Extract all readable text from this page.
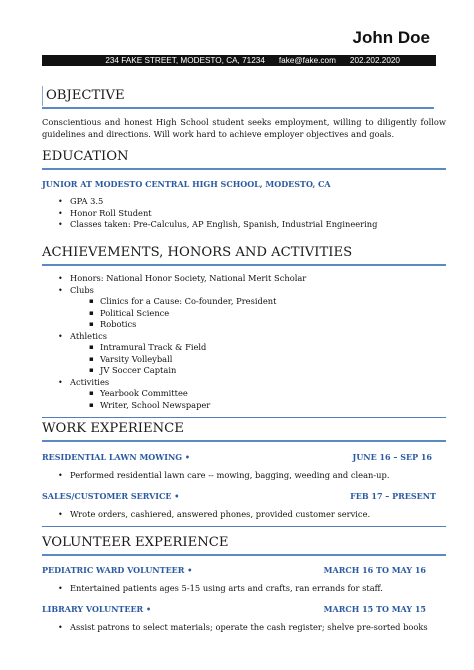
John Doe
234 FAKE STREET, MODESTO, CA, 71234 fake@fake.com 202.202.2020
OBJECTIVE
Conscientious and honest High School student seeks employment, willing to diligently follow guidelines and directions. Will work hard to achieve employer objectives and goals.
EDUCATION
JUNIOR AT MODESTO CENTRAL HIGH SCHOOL, MODESTO, CA
• GPA 3.5
• Honor Roll Student
• Classes taken: Pre-Calculus, AP English, Spanish, Industrial Engineering
ACHIEVEMENTS, HONORS AND ACTIVITIES
• Honors: National Honor Society, National Merit Scholar
• Clubs
▪ Clinics for a Cause: Co-founder, President
▪ Political Science
▪ Robotics
• Athletics
▪ Intramural Track & Field
▪ Varsity Volleyball
▪ JV Soccer Captain
• Activities
▪ Yearbook Committee
▪ Writer, School Newspaper
WORK EXPERIENCE
RESIDENTIAL LAWN MOWING •	JUNE 16 – SEP 16
• Performed residential lawn care -- mowing, bagging, weeding and clean-up.
SALES/CUSTOMER SERVICE •	FEB 17 – PRESENT
• Wrote orders, cashiered, answered phones, provided customer service.
VOLUNTEER EXPERIENCE
PEDIATRIC WARD VOLUNTEER •	MARCH 16 TO MAY 16
• Entertained patients ages 5-15 using arts and crafts, ran errands for staff.
LIBRARY VOLUNTEER •	MARCH 15 TO MAY 15
• Assist patrons to select materials; operate the cash register; shelve pre-sorted books
